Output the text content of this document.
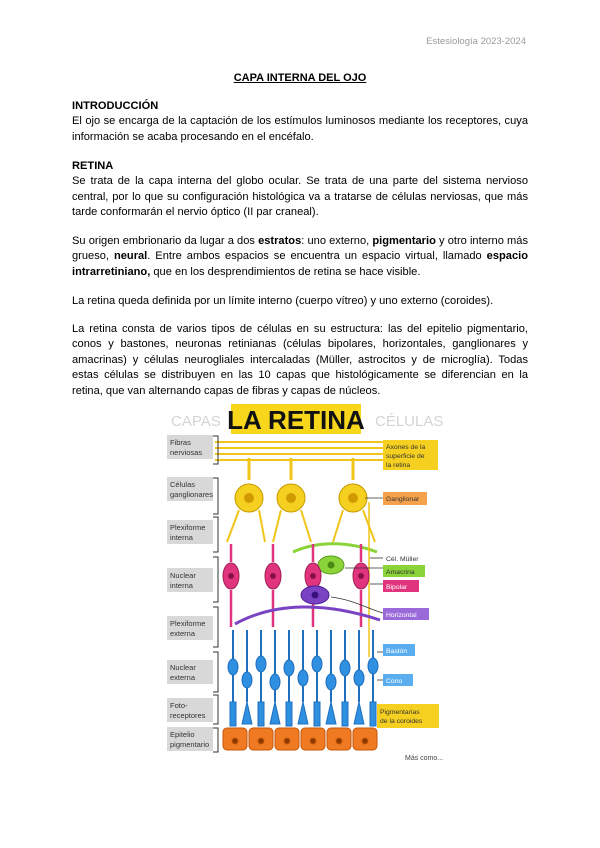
Estesiología 2023-2024
CAPA INTERNA DEL OJO
INTRODUCCIÓN

El ojo se encarga de la captación de los estímulos luminosos mediante los receptores, cuya información se acaba procesando en el encéfalo.

RETINA

Se trata de la capa interna del globo ocular. Se trata de una parte del sistema nervioso central, por lo que su configuración histológica va a tratarse de células nerviosas, que más tarde conformarán el nervio óptico (II par craneal).

Su origen embrionario da lugar a dos estratos: uno externo, pigmentario y otro interno más grueso, neural. Entre ambos espacios se encuentra un espacio virtual, llamado espacio intrarretiniano, que en los desprendimientos de retina se hace visible.

La retina queda definida por un límite interno (cuerpo vítreo) y uno externo (coroides).

La retina consta de varios tipos de células en su estructura: las del epitelio pigmentario, conos y bastones, neuronas retinianas (células bipolares, horizontales, ganglionares y amacrinas) y células neurogliales intercaladas (Müller, astrocitos y de microglía). Todas estas células se distribuyen en las 10 capas que histológicamente se diferencian en la retina, que van alternando capas de fibras y capas de núcleos.

CAPAS LA RETINA CÉLULAS
Fibras
nerviosas
Células
ganglionares
Plexiforme
interna
Nuclear
interna
Plexiforme
externa
Nuclear
externa
Foto-
receptores
Epitelio
pigmentario
Axones de la
superficie de
la retina
Ganglionar
Cél. Müller
Amacrina
Bipolar
Horizontal
Bastón
Cono
Pigmentarias
de la coroides
Más como...
